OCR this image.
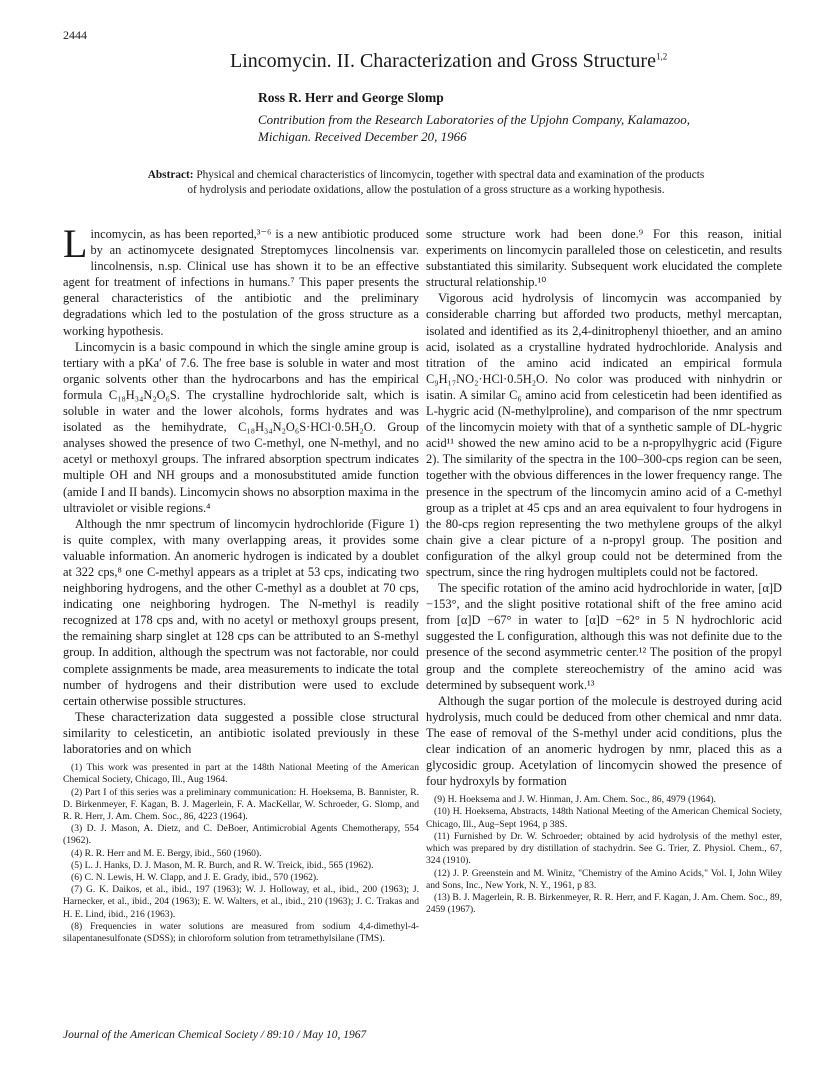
2444
Lincomycin. II. Characterization and Gross Structure$^{1,2}$
Ross R. Herr and George Slomp
Contribution from the Research Laboratories of the Upjohn Company, Kalamazoo, Michigan. Received December 20, 1966
Abstract: Physical and chemical characteristics of lincomycin, together with spectral data and examination of the products of hydrolysis and periodate oxidations, allow the postulation of a gross structure as a working hypothesis.

Lincomycin, as has been reported,³⁻⁶ is a new antibiotic produced by an actinomycete designated Streptomyces lincolnensis var. lincolnensis, n.sp. Clinical use has shown it to be an effective agent for treatment of infections in humans.⁷ This paper presents the general characteristics of the antibiotic and the preliminary degradations which led to the postulation of the gross structure as a working hypothesis.

Lincomycin is a basic compound in which the single amine group is tertiary with a pKa′ of 7.6. The free base is soluble in water and most organic solvents other than the hydrocarbons and has the empirical formula C₁₈H₃₄N₂O₆S. The crystalline hydrochloride salt, which is soluble in water and the lower alcohols, forms hydrates and was isolated as the hemihydrate, C₁₈H₃₄N₂O₆S·HCl·0.5H₂O. Group analyses showed the presence of two C-methyl, one N-methyl, and no acetyl or methoxyl groups. The infrared absorption spectrum indicates multiple OH and NH groups and a monosubstituted amide function (amide I and II bands). Lincomycin shows no absorption maxima in the ultraviolet or visible regions.⁴

Although the nmr spectrum of lincomycin hydrochloride (Figure 1) is quite complex, with many overlapping areas, it provides some valuable information. An anomeric hydrogen is indicated by a doublet at 322 cps,⁸ one C-methyl appears as a triplet at 53 cps, indicating two neighboring hydrogens, and the other C-methyl as a doublet at 70 cps, indicating one neighboring hydrogen. The N-methyl is readily recognized at 178 cps and, with no acetyl or methoxyl groups present, the remaining sharp singlet at 128 cps can be attributed to an S-methyl group. In addition, although the spectrum was not factorable, nor could complete assignments be made, area measurements to indicate the total number of hydrogens and their distribution were used to exclude certain otherwise possible structures.

These characterization data suggested a possible close structural similarity to celesticetin, an antibiotic isolated previously in these laboratories and on which

(1) This work was presented in part at the 148th National Meeting of the American Chemical Society, Chicago, Ill., Aug 1964.
(2) Part I of this series was a preliminary communication: H. Hoeksema, B. Bannister, R. D. Birkenmeyer, F. Kagan, B. J. Magerlein, F. A. MacKellar, W. Schroeder, G. Slomp, and R. R. Herr, J. Am. Chem. Soc., 86, 4223 (1964).
(3) D. J. Mason, A. Dietz, and C. DeBoer, Antimicrobial Agents Chemotherapy, 554 (1962).
(4) R. R. Herr and M. E. Bergy, ibid., 560 (1960).
(5) L. J. Hanks, D. J. Mason, M. R. Burch, and R. W. Treick, ibid., 565 (1962).
(6) C. N. Lewis, H. W. Clapp, and J. E. Grady, ibid., 570 (1962).
(7) G. K. Daikos, et al., ibid., 197 (1963); W. J. Holloway, et al., ibid., 200 (1963); J. Harnecker, et al., ibid., 204 (1963); E. W. Walters, et al., ibid., 210 (1963); J. C. Trakas and H. E. Lind, ibid., 216 (1963).
(8) Frequencies in water solutions are measured from sodium 4,4-dimethyl-4-silapentanesulfonate (SDSS); in chloroform solution from tetramethylsilane (TMS).

some structure work had been done.⁹ For this reason, initial experiments on lincomycin paralleled those on celesticetin, and results substantiated this similarity. Subsequent work elucidated the complete structural relationship.¹⁰

Vigorous acid hydrolysis of lincomycin was accompanied by considerable charring but afforded two products, methyl mercaptan, isolated and identified as its 2,4-dinitrophenyl thioether, and an amino acid, isolated as a crystalline hydrated hydrochloride. Analysis and titration of the amino acid indicated an empirical formula C₉H₁₇NO₂·HCl·0.5H₂O. No color was produced with ninhydrin or isatin. A similar C₆ amino acid from celesticetin had been identified as L-hygric acid (N-methylproline), and comparison of the nmr spectrum of the lincomycin moiety with that of a synthetic sample of DL-hygric acid¹¹ showed the new amino acid to be a n-propylhygric acid (Figure 2). The similarity of the spectra in the 100–300-cps region can be seen, together with the obvious differences in the lower frequency range. The presence in the spectrum of the lincomycin amino acid of a C-methyl group as a triplet at 45 cps and an area equivalent to four hydrogens in the 80-cps region representing the two methylene groups of the alkyl chain give a clear picture of a n-propyl group. The position and configuration of the alkyl group could not be determined from the spectrum, since the ring hydrogen multiplets could not be factored.

The specific rotation of the amino acid hydrochloride in water, [α]D −153°, and the slight positive rotational shift of the free amino acid from [α]D −67° in water to [α]D −62° in 5 N hydrochloric acid suggested the L configuration, although this was not definite due to the presence of the second asymmetric center.¹² The position of the propyl group and the complete stereochemistry of the amino acid was determined by subsequent work.¹³

Although the sugar portion of the molecule is destroyed during acid hydrolysis, much could be deduced from other chemical and nmr data. The ease of removal of the S-methyl under acid conditions, plus the clear indication of an anomeric hydrogen by nmr, placed this as a glycosidic group. Acetylation of lincomycin showed the presence of four hydroxyls by formation

(9) H. Hoeksema and J. W. Hinman, J. Am. Chem. Soc., 86, 4979 (1964).
(10) H. Hoeksema, Abstracts, 148th National Meeting of the American Chemical Society, Chicago, Ill., Aug–Sept 1964, p 38S.
(11) Furnished by Dr. W. Schroeder; obtained by acid hydrolysis of the methyl ester, which was prepared by dry distillation of stachydrin. See G. Trier, Z. Physiol. Chem., 67, 324 (1910).
(12) J. P. Greenstein and M. Winitz, "Chemistry of the Amino Acids," Vol. I, John Wiley and Sons, Inc., New York, N. Y., 1961, p 83.
(13) B. J. Magerlein, R. B. Birkenmeyer, R. R. Herr, and F. Kagan, J. Am. Chem. Soc., 89, 2459 (1967).
Journal of the American Chemical Society / 89:10 / May 10, 1967
